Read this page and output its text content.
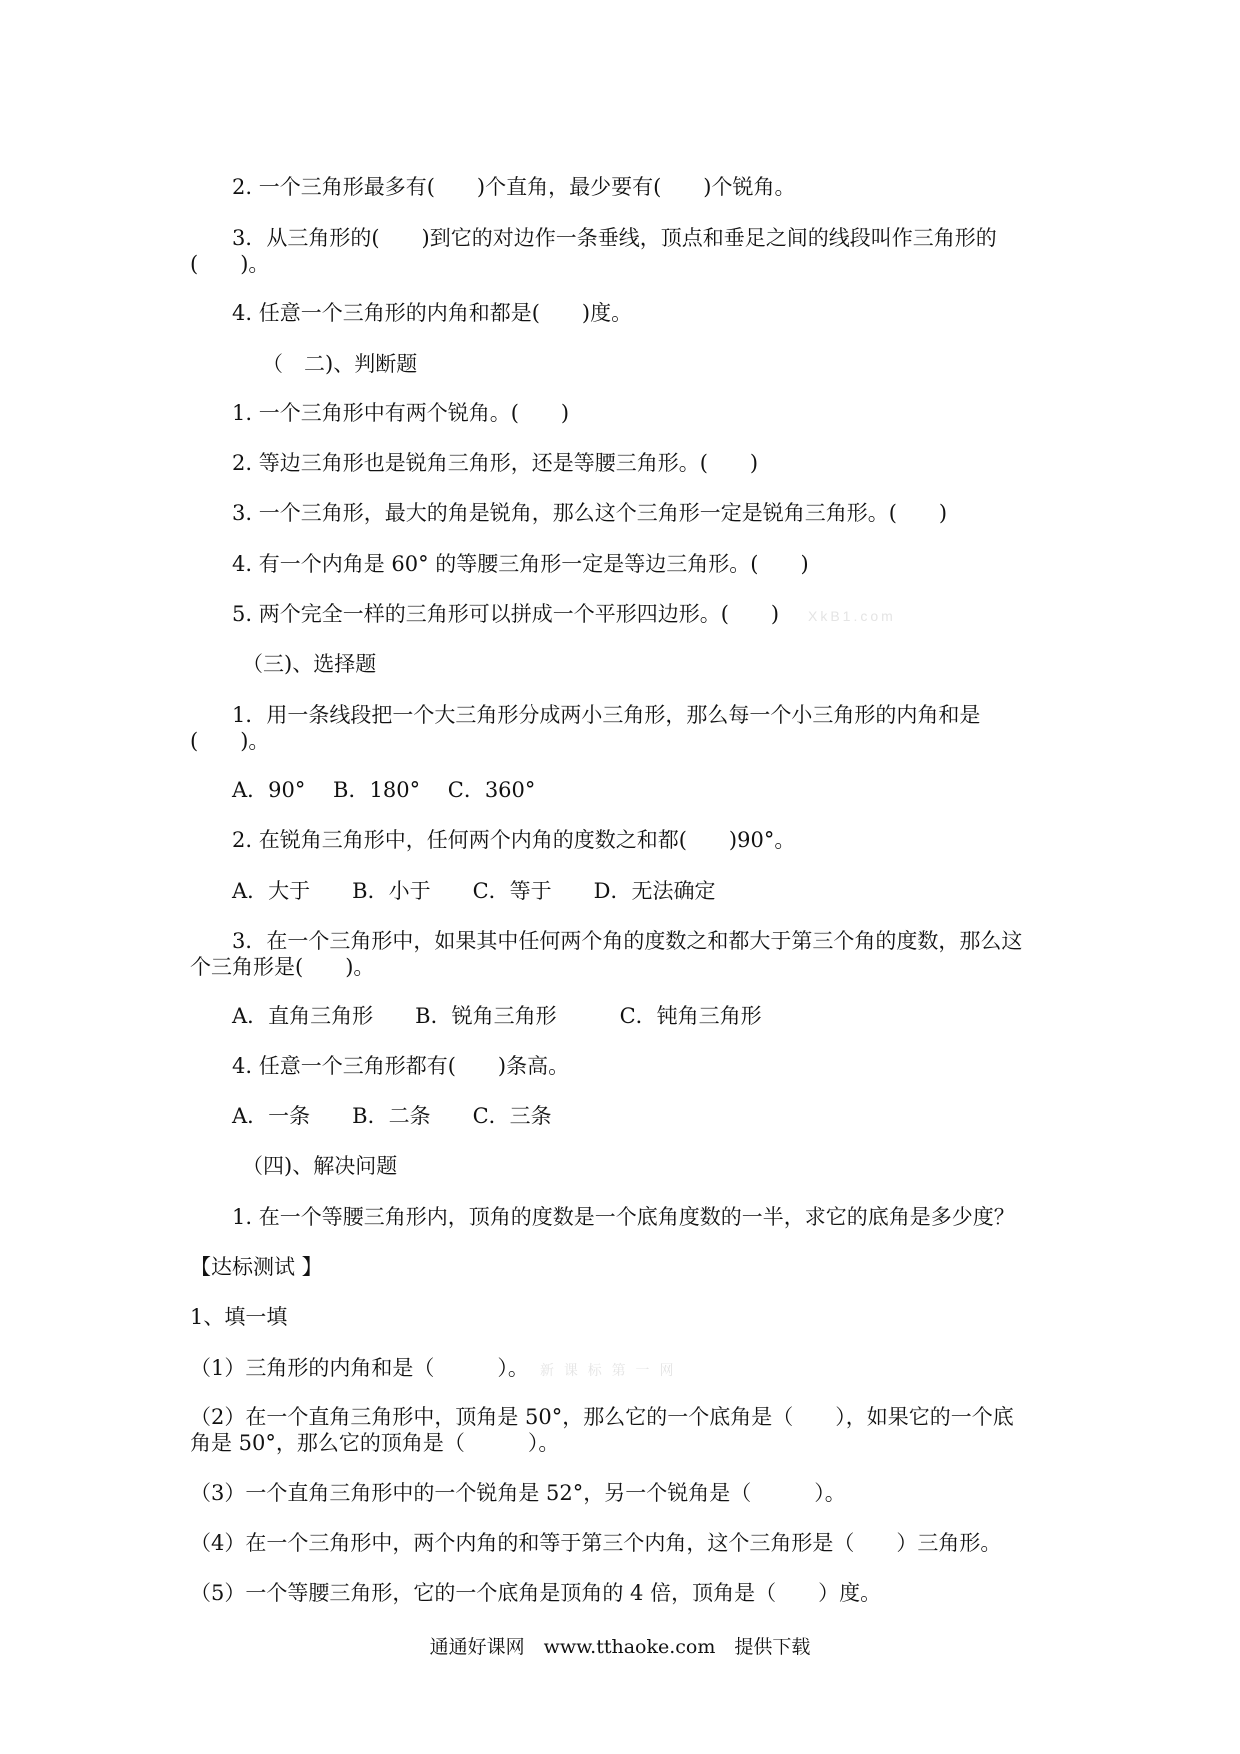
2. 一个三角形最多有(　　)个直角，最少要有(　　)个锐角。

3．从三角形的(　　)到它的对边作一条垂线，顶点和垂足之间的线段叫作三角形的

(　　)。

4. 任意一个三角形的内角和都是(　　)度。

（　二)、判断题

1. 一个三角形中有两个锐角。(　　)

2. 等边三角形也是锐角三角形，还是等腰三角形。(　　)

3. 一个三角形，最大的角是锐角，那么这个三角形一定是锐角三角形。(　　)

4. 有一个内角是 60° 的等腰三角形一定是等边三角形。(　　)

5. 两个完全一样的三角形可以拼成一个平形四边形。(　　) XkB1.com

（三)、选择题

1．用一条线段把一个大三角形分成两小三角形，那么每一个小三角形的内角和是

(　　)。

A．90°　 B．180°　 C．360°

2. 在锐角三角形中，任何两个内角的度数之和都(　　)90°。

A．大于　　B．小于　　C．等于　　D．无法确定

3．在一个三角形中，如果其中任何两个角的度数之和都大于第三个角的度数，那么这

个三角形是(　　)。

A．直角三角形　　B．锐角三角形　　　C．钝角三角形

4. 任意一个三角形都有(　　)条高。

A．一条　　B．二条　　C．三条

（四)、解决问题

1. 在一个等腰三角形内，顶角的度数是一个底角度数的一半，求它的底角是多少度？

【达标测试 】

1、填一填

（1）三角形的内角和是（　　　）。 新 课 标 第 一 网

（2）在一个直角三角形中，顶角是 50°，那么它的一个底角是（　　），如果它的一个底

角是 50°，那么它的顶角是（　　　）。

（3）一个直角三角形中的一个锐角是 52°，另一个锐角是（　　　）。

（4）在一个三角形中，两个内角的和等于第三个内角，这个三角形是（　　）三角形。

（5）一个等腰三角形，它的一个底角是顶角的 4 倍，顶角是（　　）度。

通通好课网　www.tthaoke.com　提供下载
